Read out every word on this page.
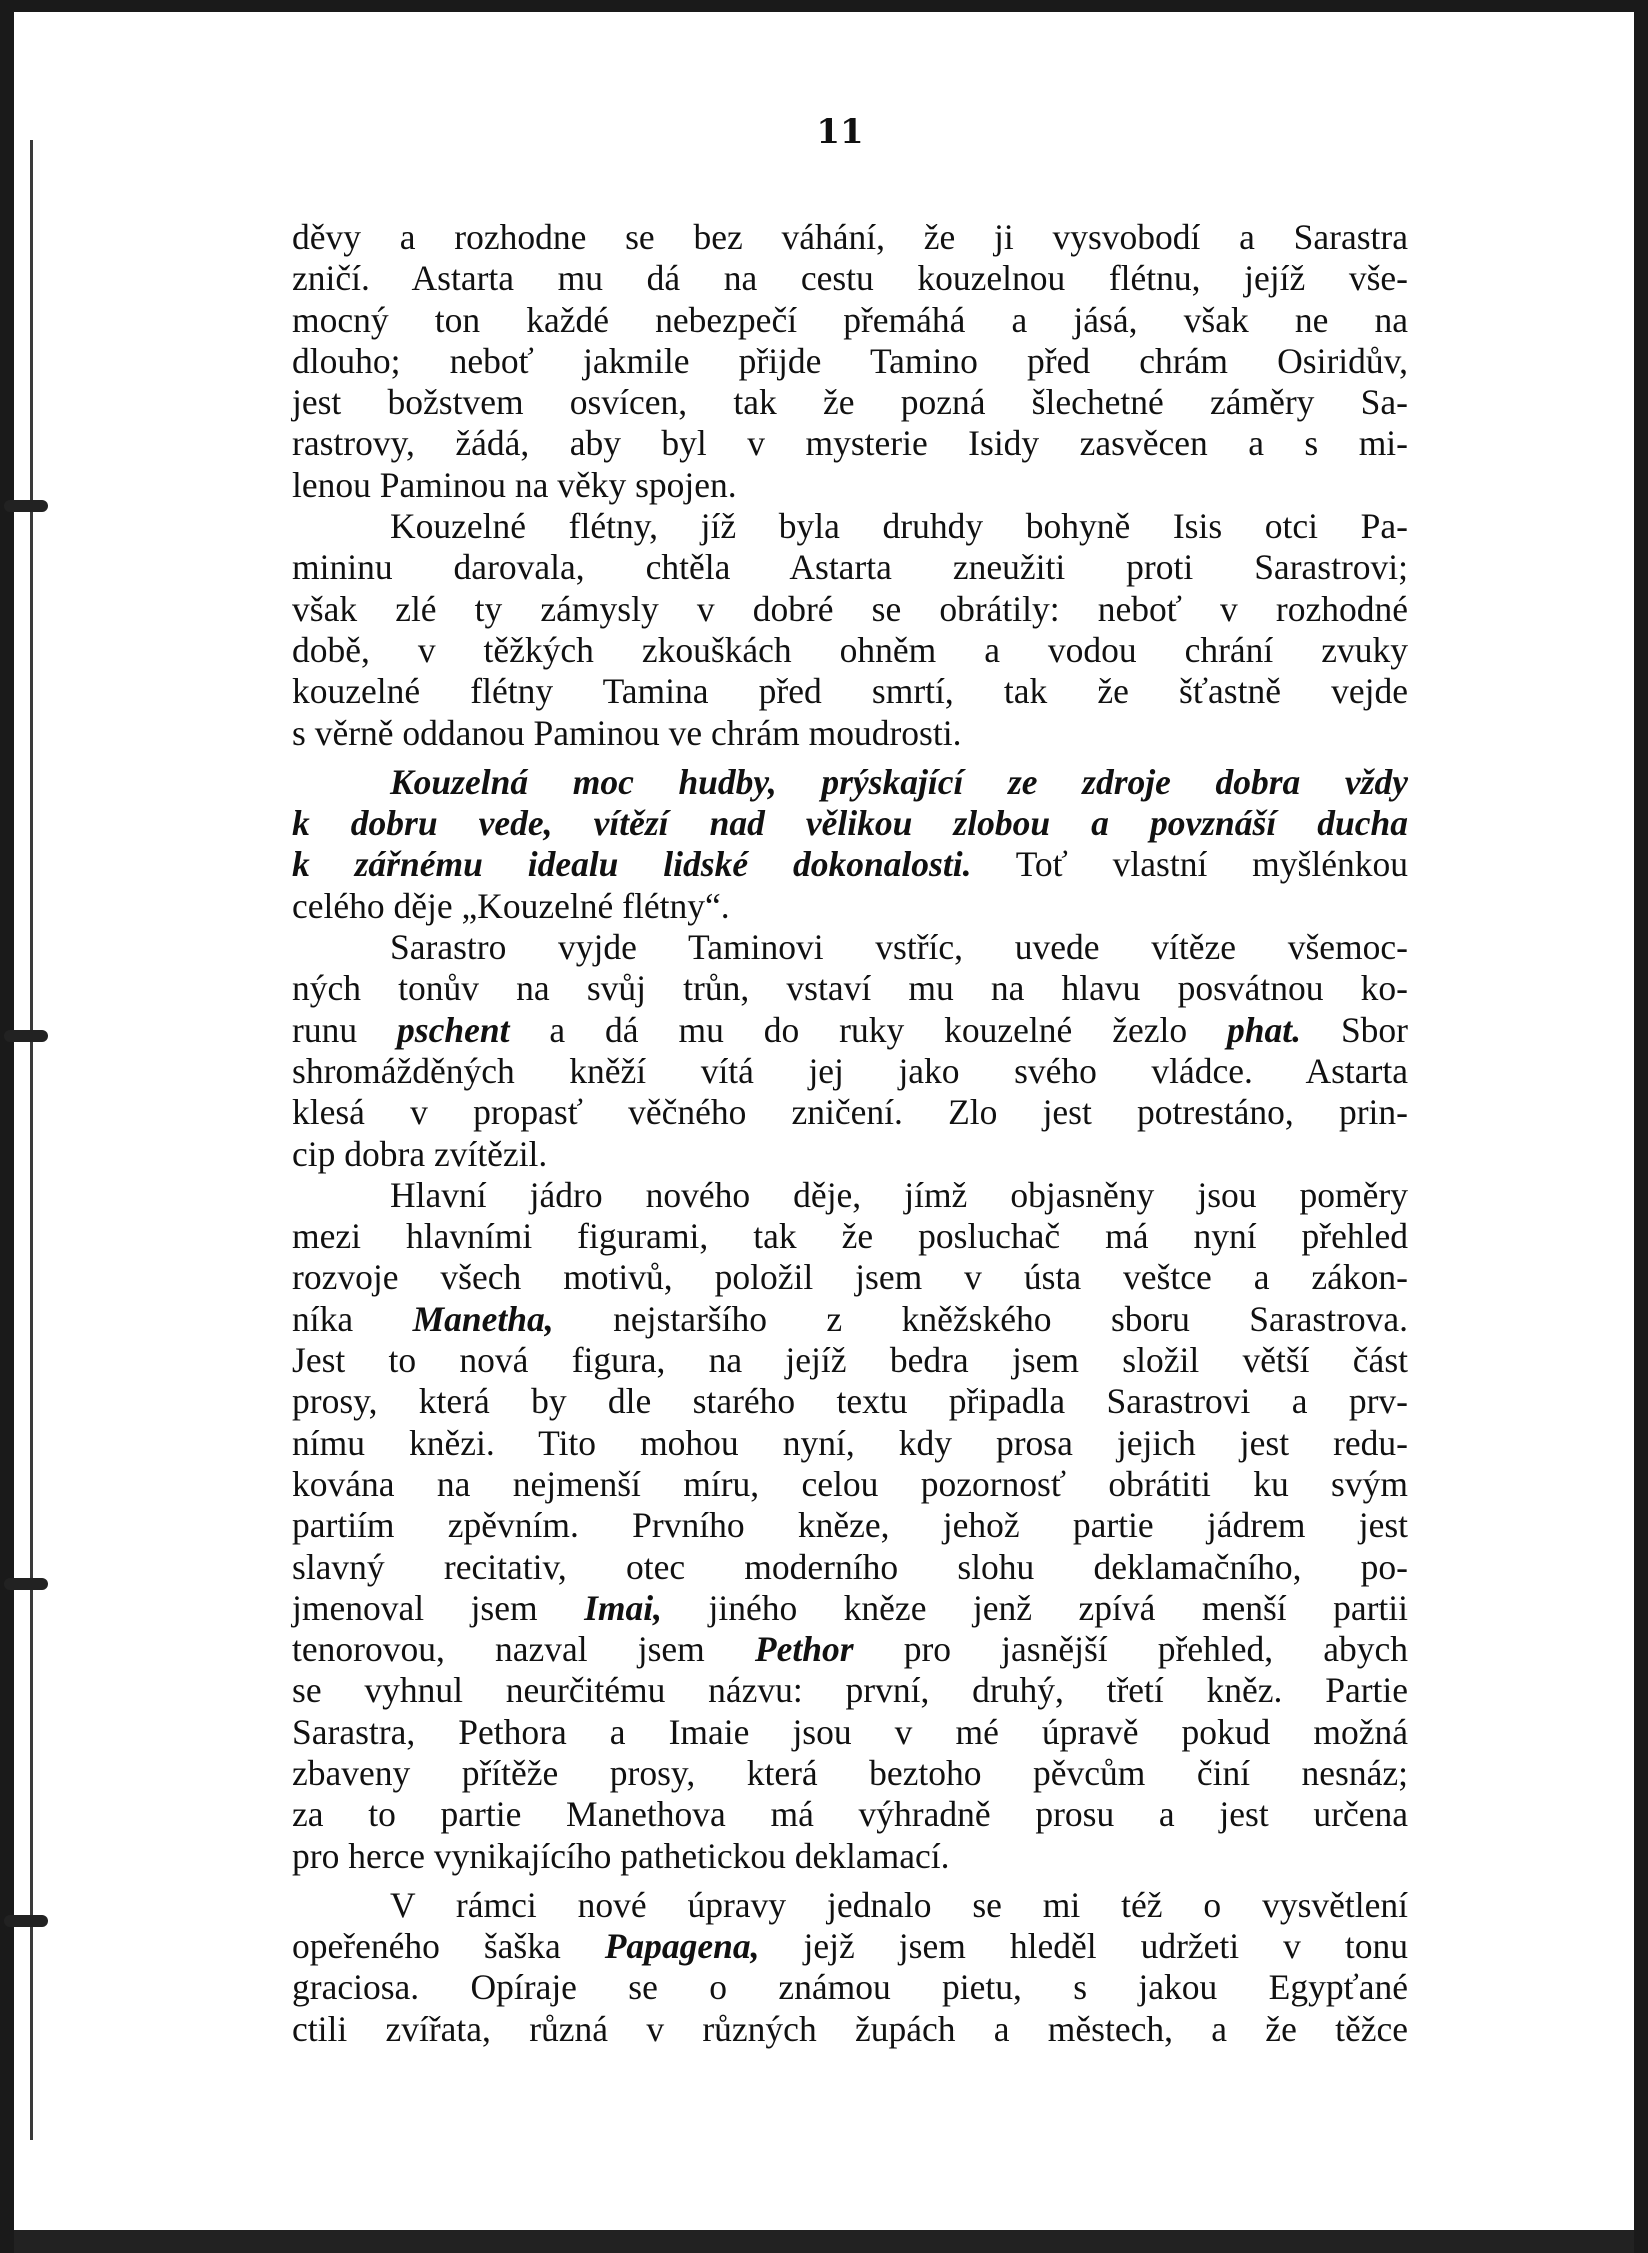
11
děvy a rozhodne se bez váhání, že ji vysvobodí a Sarastra
zničí. Astarta mu dá na cestu kouzelnou flétnu, jejíž vše-
mocný ton každé nebezpečí přemáhá a jásá, však ne na
dlouho; neboť jakmile přijde Tamino před chrám Osiridův,
jest božstvem osvícen, tak že pozná šlechetné záměry Sa-
rastrovy, žádá, aby byl v mysterie Isidy zasvěcen a s mi-
lenou Paminou na věky spojen.
Kouzelné flétny, jíž byla druhdy bohyně Isis otci Pa-
mininu darovala, chtěla Astarta zneužiti proti Sarastrovi;
však zlé ty zámysly v dobré se obrátily: neboť v rozhodné
době, v těžkých zkouškách ohněm a vodou chrání zvuky
kouzelné flétny Tamina před smrtí, tak že šťastně vejde
s věrně oddanou Paminou ve chrám moudrosti.
Kouzelná moc hudby, prýskající ze zdroje dobra vždy
k dobru vede, vítězí nad vělikou zlobou a povznáší ducha
k zářnému idealu lidské dokonalosti. Toť vlastní myšlénkou
celého děje „Kouzelné flétny“.
Sarastro vyjde Taminovi vstříc, uvede vítěze všemoc-
ných tonův na svůj trůn, vstaví mu na hlavu posvátnou ko-
runu pschent a dá mu do ruky kouzelné žezlo phat. Sbor
shromážděných kněží vítá jej jako svého vládce. Astarta
klesá v propasť věčného zničení. Zlo jest potrestáno, prin-
cip dobra zvítězil.
Hlavní jádro nového děje, jímž objasněny jsou poměry
mezi hlavními figurami, tak že posluchač má nyní přehled
rozvoje všech motivů, položil jsem v ústa veštce a zákon-
níka Manetha, nejstaršího z kněžského sboru Sarastrova.
Jest to nová figura, na jejíž bedra jsem složil větší část
prosy, která by dle starého textu připadla Sarastrovi a prv-
nímu knězi. Tito mohou nyní, kdy prosa jejich jest redu-
kována na nejmenší míru, celou pozornosť obrátiti ku svým
partiím zpěvním. Prvního kněze, jehož partie jádrem jest
slavný recitativ, otec moderního slohu deklamačního, po-
jmenoval jsem Imai, jiného kněze jenž zpívá menší partii
tenorovou, nazval jsem Pethor pro jasnější přehled, abych
se vyhnul neurčitému názvu: první, druhý, třetí kněz. Partie
Sarastra, Pethora a Imaie jsou v mé úpravě pokud možná
zbaveny přítěže prosy, která beztoho pěvcům činí nesnáz;
za to partie Manethova má výhradně prosu a jest určena
pro herce vynikajícího pathetickou deklamací.
V rámci nové úpravy jednalo se mi též o vysvětlení
opeřeného šaška Papagena, jejž jsem hleděl udržeti v tonu
graciosa. Opíraje se o známou pietu, s jakou Egypťané
ctili zvířata, různá v různých župách a městech, a že těžce
